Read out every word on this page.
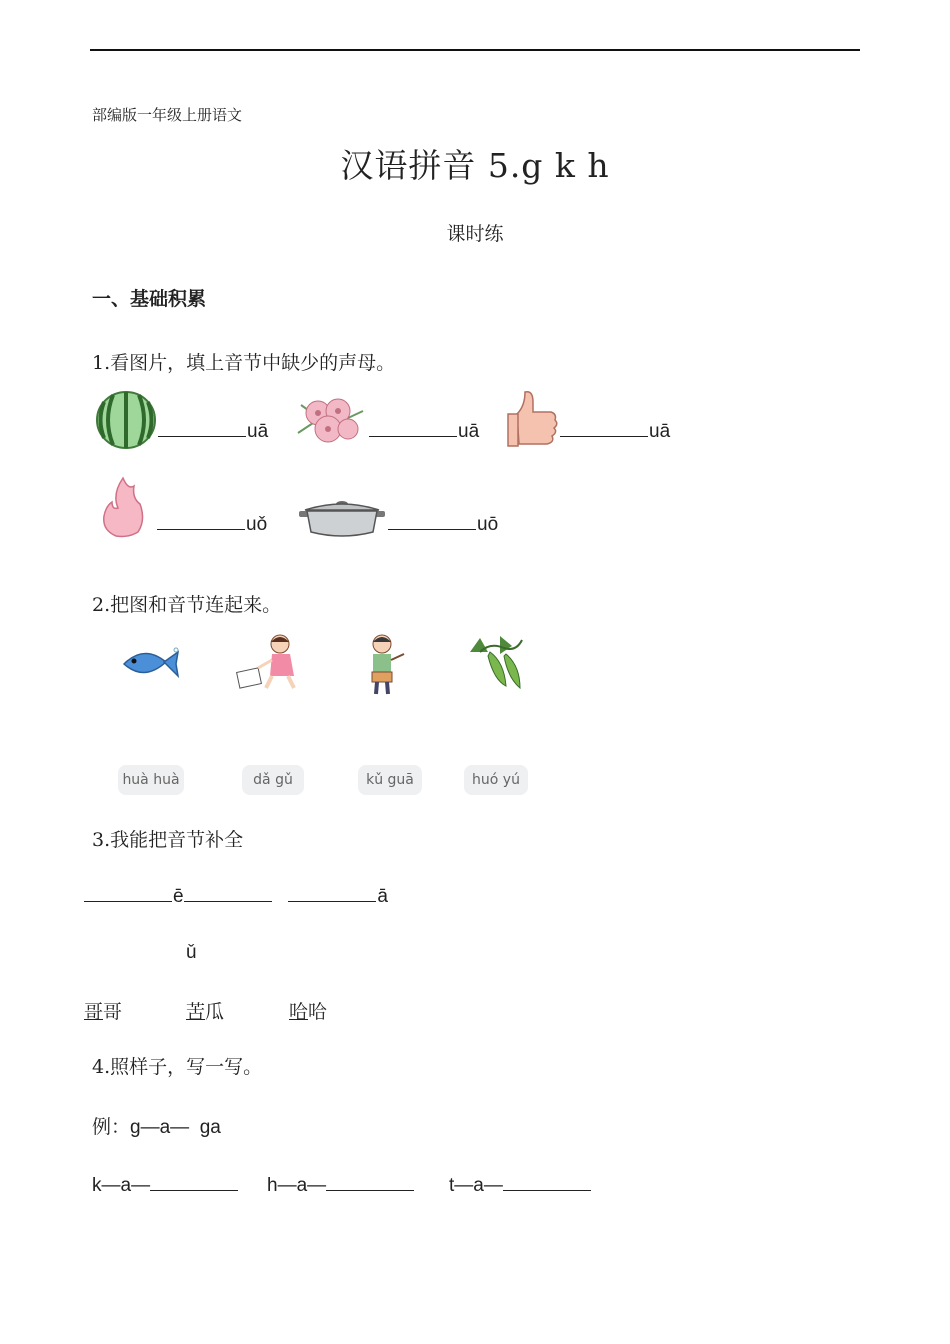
部编版一年级上册语文
汉语拼音 5.g k h
课时练
一、基础积累
1.看图片，填上音节中缺少的声母。
uā	uā	uā
uǒ	uō
2.把图和音节连起来。
huà huà	dǎ gǔ	kǔ guā	huó yú
3.我能把音节补全
ē	ā
ǔ
哥哥	苦瓜	哈哈
4.照样子，写一写。
例：g—a—  ga
k—a—	h—a—	t—a—
